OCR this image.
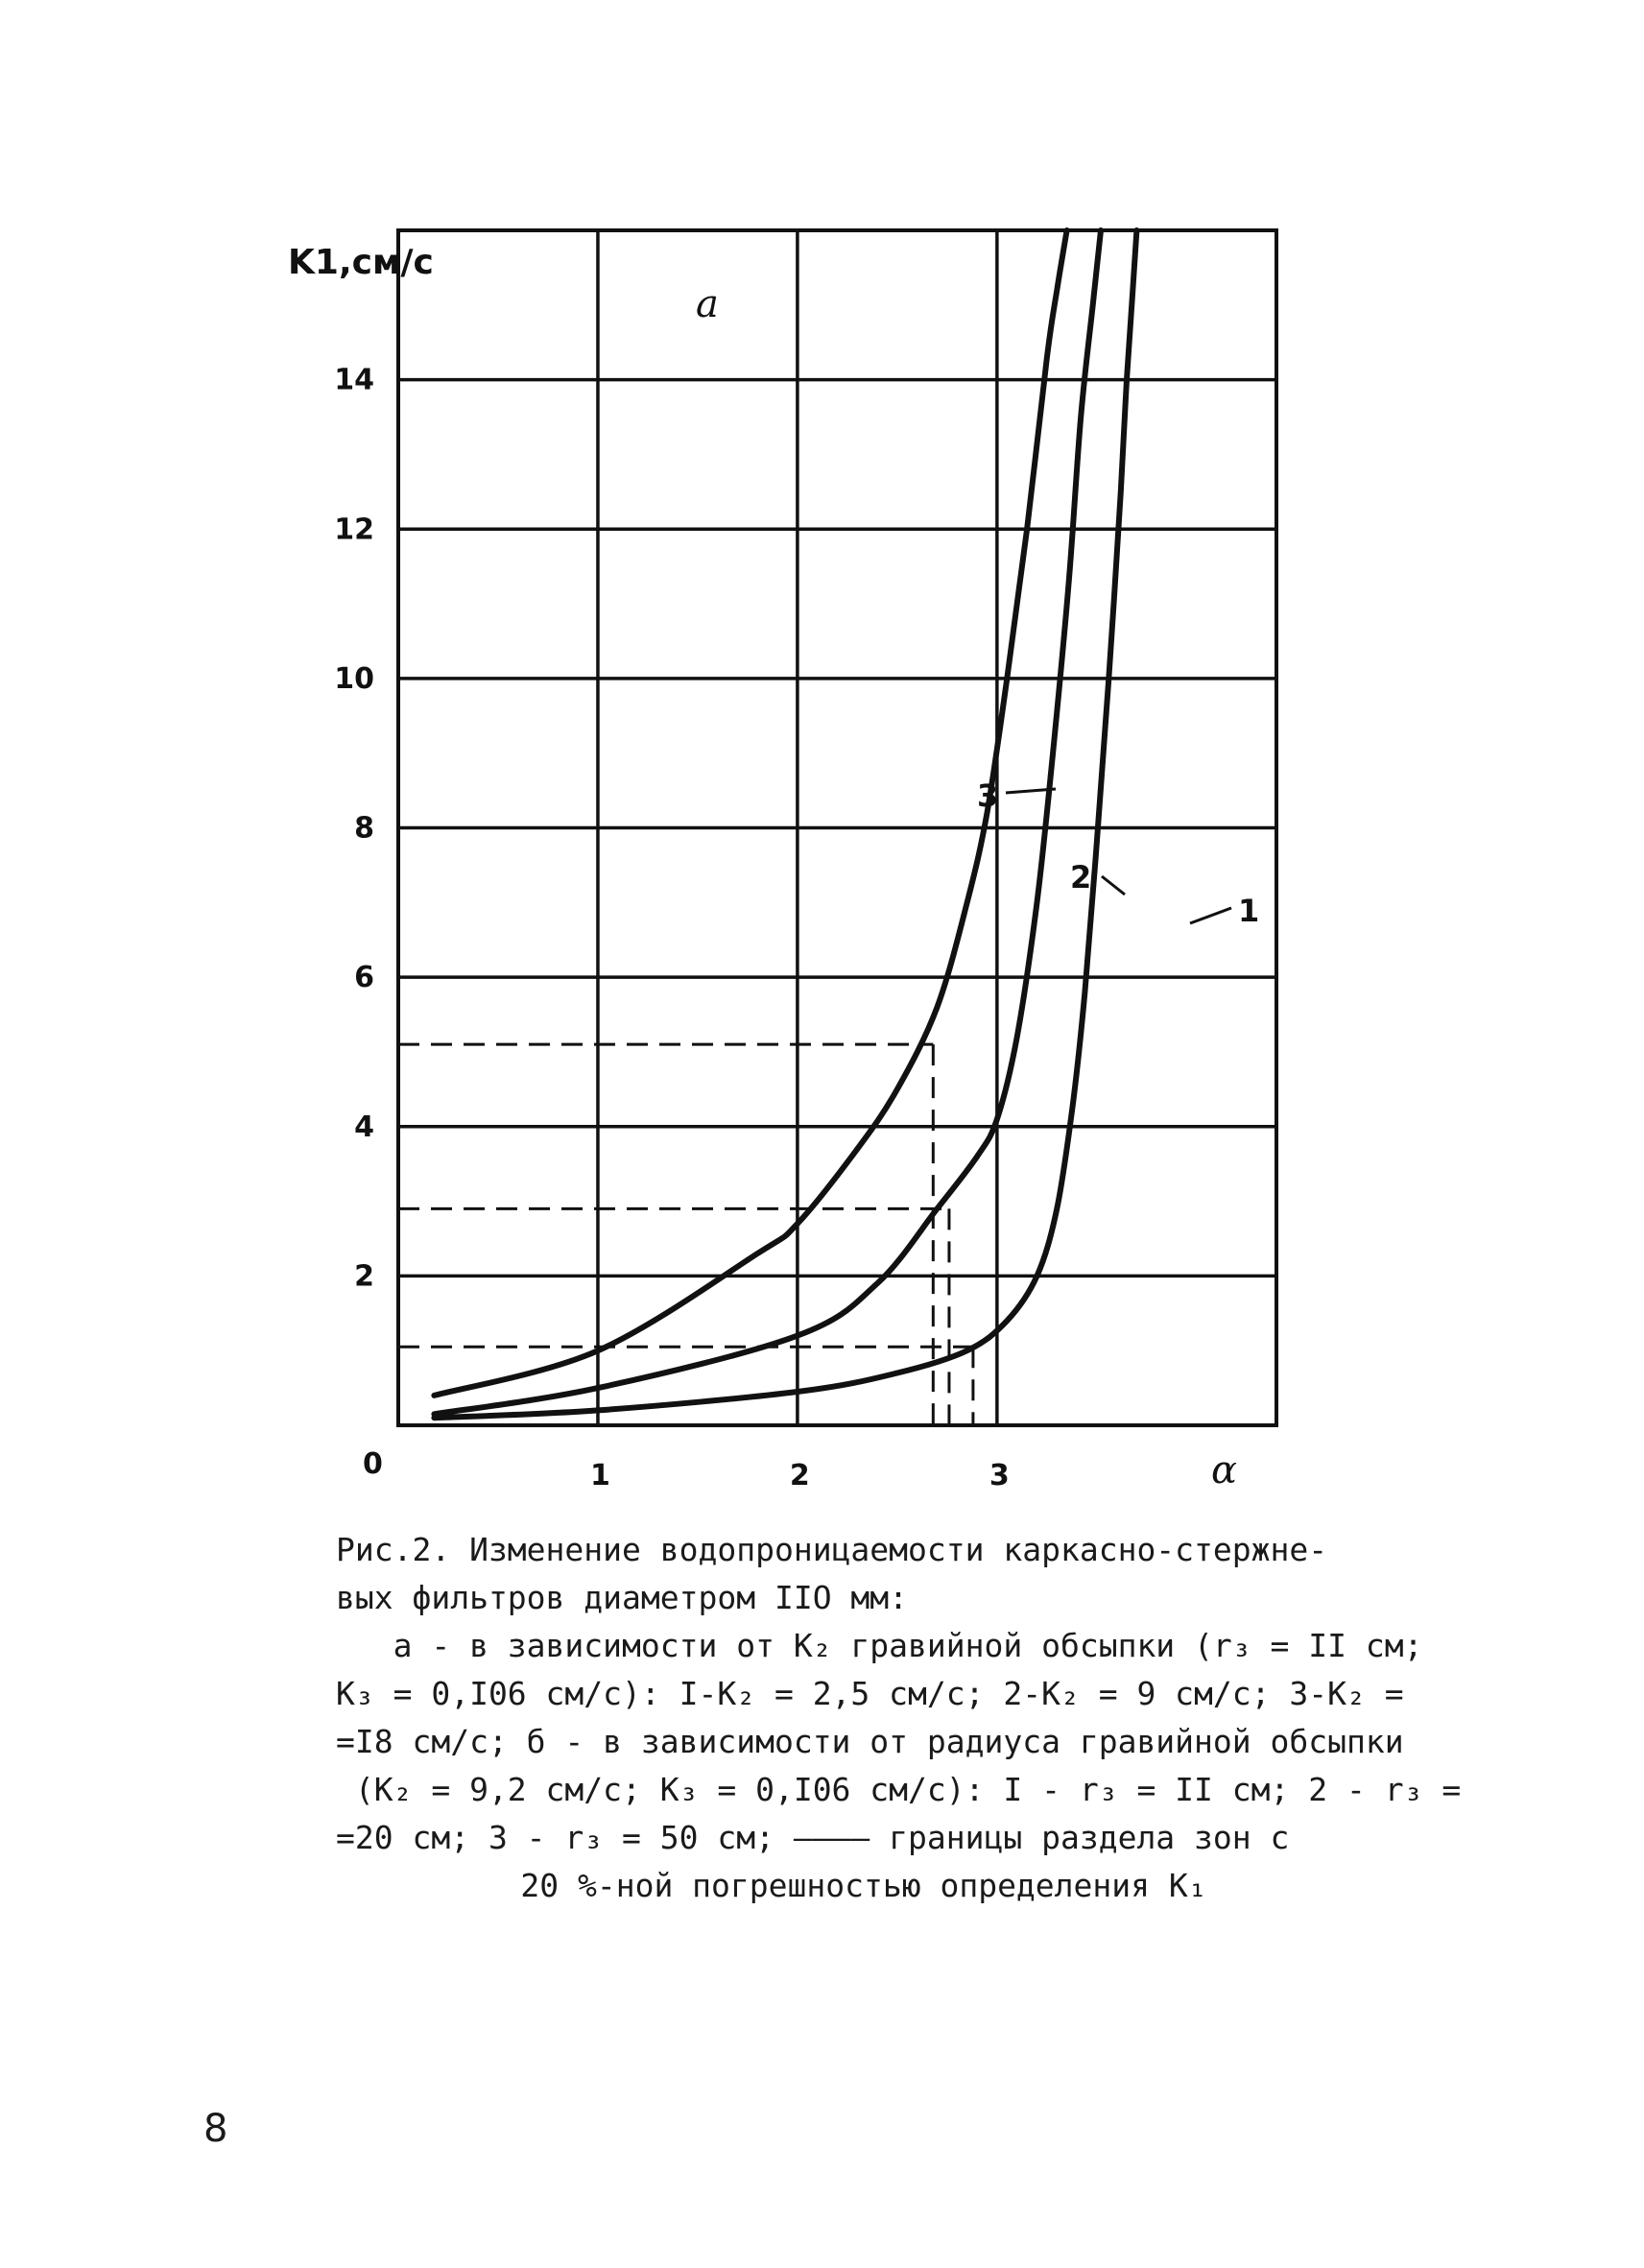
1	2	3
2
4
6
8
10
12
14
K1,см/с
α
0
а
1
2
3

Рис.2. Изменение водопроницаемости каркасно-стержне-

вых фильтров диаметром IIO мм:

а - в зависимости от K₂ гравийной обсыпки (r₃ = II см;

K₃ = 0,I06 см/с): I-K₂ = 2,5 см/с; 2-K₂ = 9 см/с; 3-K₂ =

=I8 см/с; б - в зависимости от радиуса гравийной обсыпки

(K₂ = 9,2 см/с; K₃ = 0,I06 см/с): I - r₃ = II см; 2 - r₃ =

=20 см; 3 - r₃ = 50 см; ———— границы раздела зон с

20 %-ной погрешностью определения K₁

8
